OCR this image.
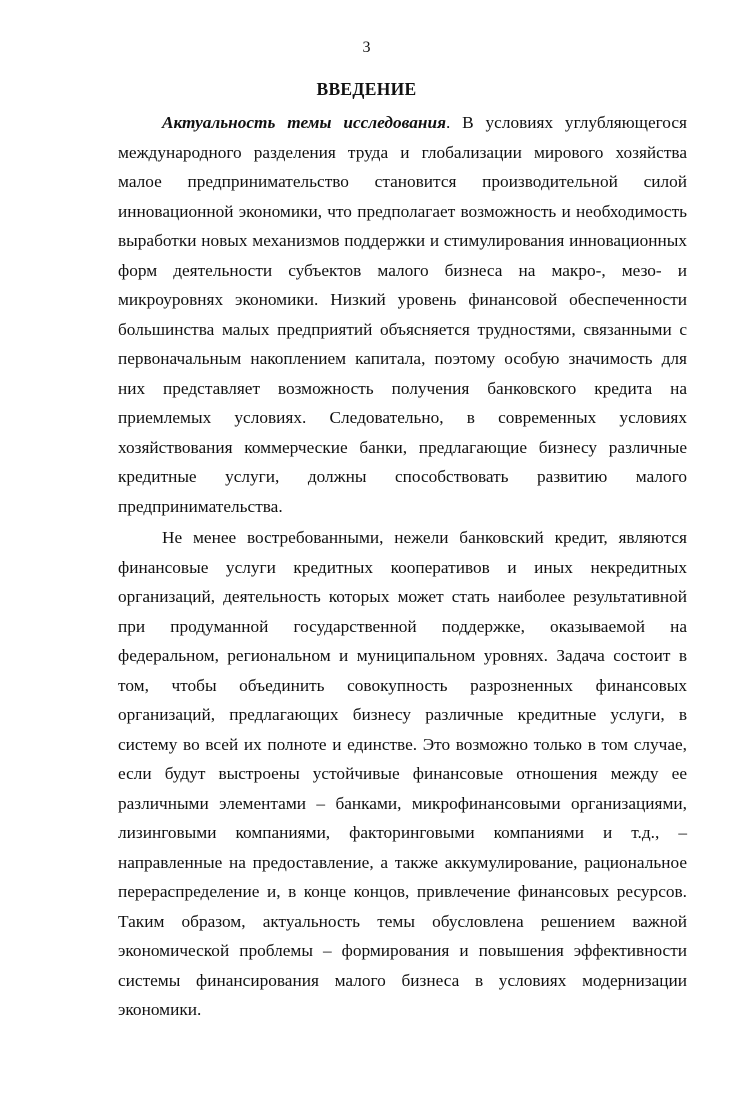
3
ВВЕДЕНИЕ

Актуальность темы исследования. В условиях углубляющегося международного разделения труда и глобализации мирового хозяйства малое предпринимательство становится производительной силой инновационной экономики, что предполагает возможность и необходимость выработки новых механизмов поддержки и стимулирования инновационных форм деятельности субъектов малого бизнеса на макро-, мезо- и микроуровнях экономики. Низкий уровень финансовой обеспеченности большинства малых предприятий объясняется трудностями, связанными с первоначальным накоплением капитала, поэтому особую значимость для них представляет возможность получения банковского кредита на приемлемых условиях. Следовательно, в современных условиях хозяйствования коммерческие банки, предлагающие бизнесу различные кредитные услуги, должны способствовать развитию малого предпринимательства.

Не менее востребованными, нежели банковский кредит, являются финансовые услуги кредитных кооперативов и иных некредитных организаций, деятельность которых может стать наиболее результативной при продуманной государственной поддержке, оказываемой на федеральном, региональном и муниципальном уровнях. Задача состоит в том, чтобы объединить совокупность разрозненных финансовых организаций, предлагающих бизнесу различные кредитные услуги, в систему во всей их полноте и единстве. Это возможно только в том случае, если будут выстроены устойчивые финансовые отношения между ее различными элементами – банками, микрофинансовыми организациями, лизинговыми компаниями, факторинговыми компаниями и т.д., – направленные на предоставление, а также аккумулирование, рациональное перераспределение и, в конце концов, привлечение финансовых ресурсов. Таким образом, актуальность темы обусловлена решением важной экономической проблемы – формирования и повышения эффективности системы финансирования малого бизнеса в условиях модернизации экономики.
